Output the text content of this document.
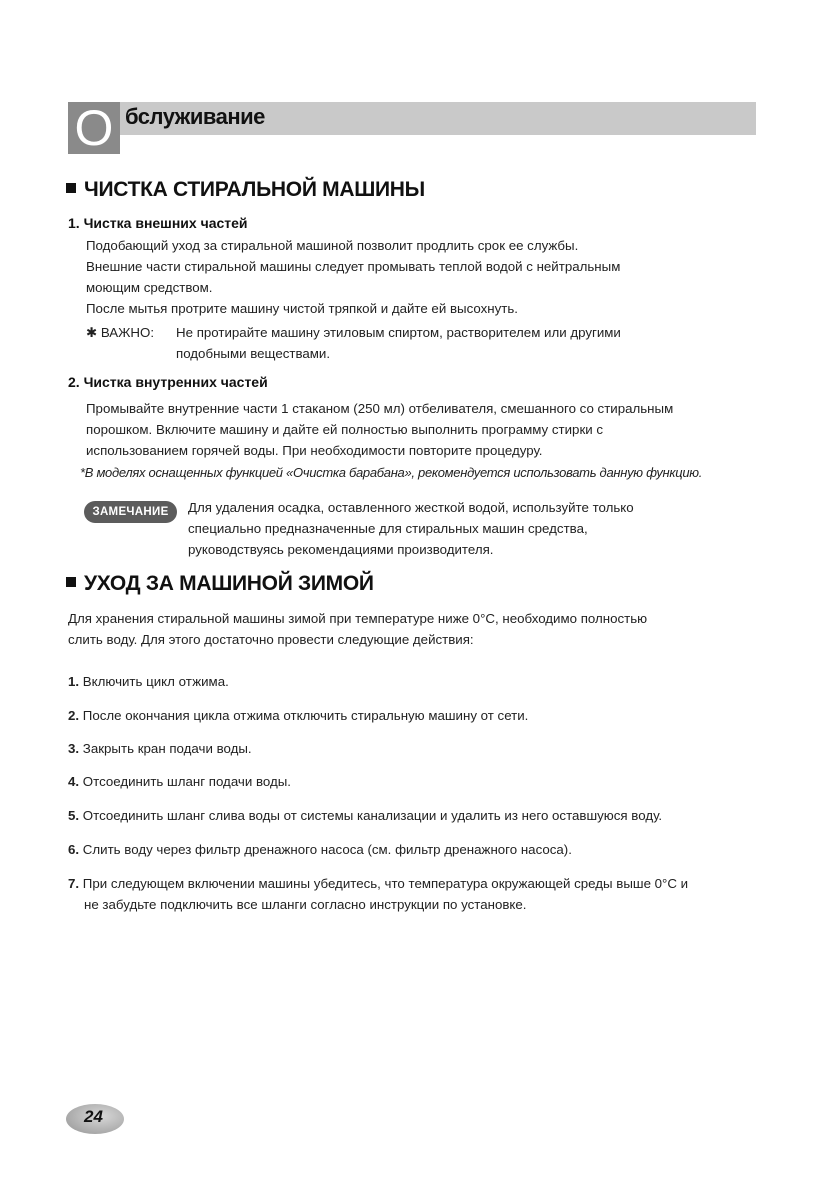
O бслуживание
ЧИСТКА СТИРАЛЬНОЙ МАШИНЫ
1. Чистка внешних частей
Подобающий уход за стиральной машиной позволит продлить срок ее службы.
Внешние части стиральной машины следует промывать теплой водой с нейтральным
моющим средством.
После мытья протрите машину чистой тряпкой и дайте ей высохнуть.
✱ ВАЖНО: Не протирайте машину этиловым спиртом, растворителем или другими
подобными веществами.
2. Чистка внутренних частей
Промывайте внутренние части 1 стаканом (250 мл) отбеливателя, смешанного со стиральным
порошком. Включите машину и дайте ей полностью выполнить программу стирки с
использованием горячей воды. При необходимости повторите процедуру.
*В моделях оснащенных функцией «Очистка барабана», рекомендуется использовать данную функцию.
ЗАМЕЧАНИЕ	Для удаления осадка, оставленного жесткой водой, используйте только
специально предназначенные для стиральных машин средства,
руководствуясь рекомендациями производителя.
УХОД ЗА МАШИНОЙ ЗИМОЙ
Для хранения стиральной машины зимой при температуре ниже 0°С, необходимо полностью
слить воду. Для этого достаточно провести следующие действия:
1. Включить цикл отжима.
2. После окончания цикла отжима отключить стиральную машину от сети.
3. Закрыть кран подачи воды.
4. Отсоединить шланг подачи воды.
5. Отсоединить шланг слива воды от системы канализации и удалить из него оставшуюся воду.
6. Слить воду через фильтр дренажного насоса (см. фильтр дренажного насоса).
7. При следующем включении машины убедитесь, что температура окружающей среды выше 0°С и
не забудьте подключить все шланги согласно инструкции по установке.
24
